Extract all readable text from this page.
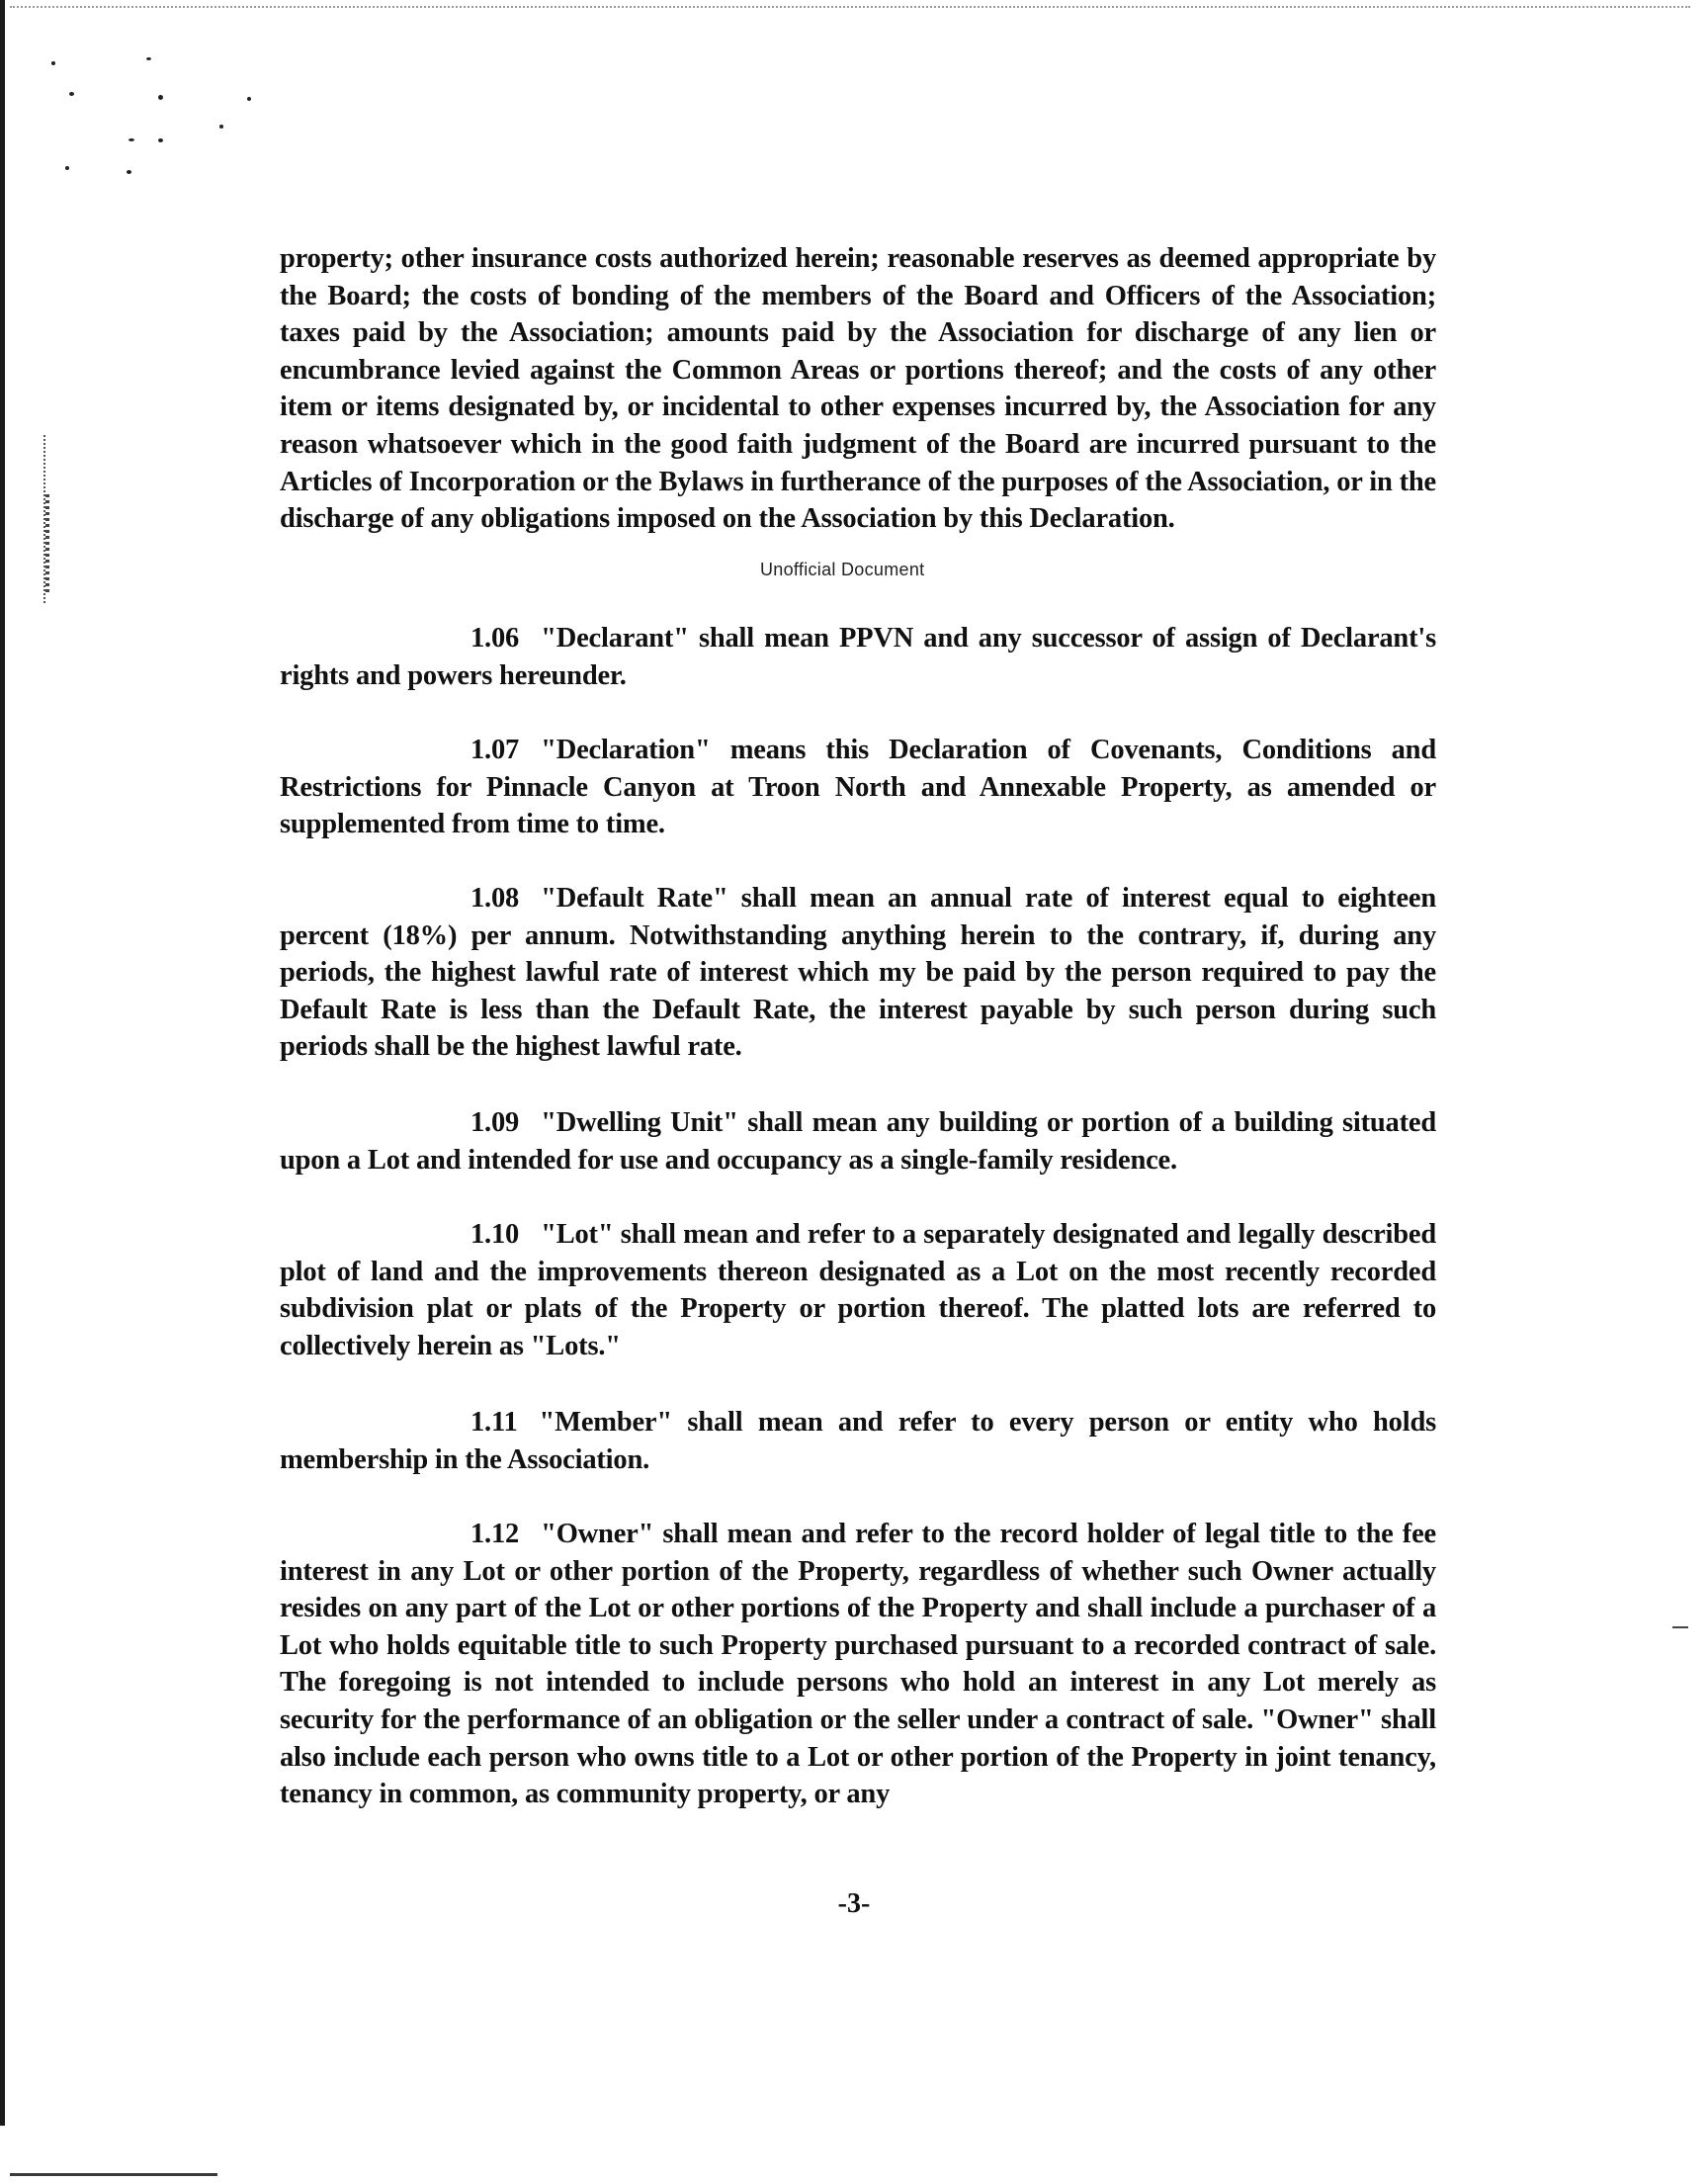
property; other insurance costs authorized herein; reasonable reserves as deemed appropriate by the Board; the costs of bonding of the members of the Board and Officers of the Association; taxes paid by the Association; amounts paid by the Association for discharge of any lien or encumbrance levied against the Common Areas or portions thereof; and the costs of any other item or items designated by, or incidental to other expenses incurred by, the Association for any reason whatsoever which in the good faith judgment of the Board are incurred pursuant to the Articles of Incorporation or the Bylaws in furtherance of the purposes of the Association, or in the discharge of any obligations imposed on the Association by this Declaration.

Unofficial Document

1.06 "Declarant" shall mean PPVN and any successor of assign of Declarant's rights and powers hereunder.

1.07 "Declaration" means this Declaration of Covenants, Conditions and Restrictions for Pinnacle Canyon at Troon North and Annexable Property, as amended or supplemented from time to time.

1.08 "Default Rate" shall mean an annual rate of interest equal to eighteen percent (18%) per annum. Notwithstanding anything herein to the contrary, if, during any periods, the highest lawful rate of interest which my be paid by the person required to pay the Default Rate is less than the Default Rate, the interest payable by such person during such periods shall be the highest lawful rate.

1.09 "Dwelling Unit" shall mean any building or portion of a building situated upon a Lot and intended for use and occupancy as a single-family residence.

1.10 "Lot" shall mean and refer to a separately designated and legally described plot of land and the improvements thereon designated as a Lot on the most recently recorded subdivision plat or plats of the Property or portion thereof. The platted lots are referred to collectively herein as "Lots."

1.11 "Member" shall mean and refer to every person or entity who holds membership in the Association.

1.12 "Owner" shall mean and refer to the record holder of legal title to the fee interest in any Lot or other portion of the Property, regardless of whether such Owner actually resides on any part of the Lot or other portions of the Property and shall include a purchaser of a Lot who holds equitable title to such Property purchased pursuant to a recorded contract of sale. The foregoing is not intended to include persons who hold an interest in any Lot merely as security for the performance of an obligation or the seller under a contract of sale. "Owner" shall also include each person who owns title to a Lot or other portion of the Property in joint tenancy, tenancy in common, as community property, or any

-3-
